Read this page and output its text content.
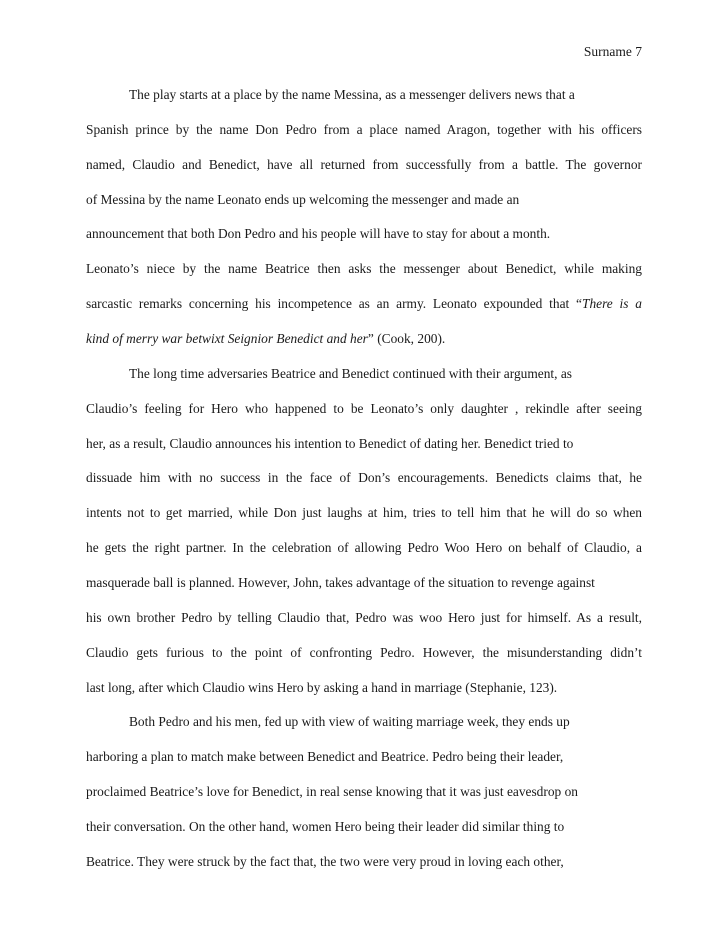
Surname 7
The play starts at a place by the name Messina, as a messenger delivers news that a
Spanish prince by the name Don Pedro from a place named Aragon, together with his officers
named, Claudio and Benedict, have all returned from successfully from a battle. The governor
of Messina by the name Leonato ends up welcoming the messenger and made an
announcement that both Don Pedro and his people will have to stay for about a month.
Leonato’s niece by the name Beatrice then asks the messenger about Benedict, while making
sarcastic remarks concerning his incompetence as an army. Leonato expounded that “There is a
kind of merry war betwixt Seignior Benedict and her” (Cook, 200).
The long time adversaries Beatrice and Benedict continued with their argument, as
Claudio’s feeling for Hero who happened to be Leonato’s only daughter , rekindle after seeing
her, as a result, Claudio announces his intention to Benedict of dating her. Benedict tried to
dissuade him with no success in the face of Don’s encouragements. Benedicts claims that, he
intents not to get married, while Don just laughs at him, tries to tell him that he will do so when
he gets the right partner. In the celebration of allowing Pedro Woo Hero on behalf of Claudio, a
masquerade ball is planned. However, John, takes advantage of the situation to revenge against
his own brother Pedro by telling Claudio that, Pedro was woo Hero just for himself. As a result,
Claudio gets furious to the point of confronting Pedro. However, the misunderstanding didn’t
last long, after which Claudio wins Hero by asking a hand in marriage (Stephanie, 123).
Both Pedro and his men, fed up with view of waiting marriage week, they ends up
harboring a plan to match make between Benedict and Beatrice. Pedro being their leader,
proclaimed Beatrice’s love for Benedict, in real sense knowing that it was just eavesdrop on
their conversation. On the other hand, women Hero being their leader did similar thing to
Beatrice. They were struck by the fact that, the two were very proud in loving each other,
